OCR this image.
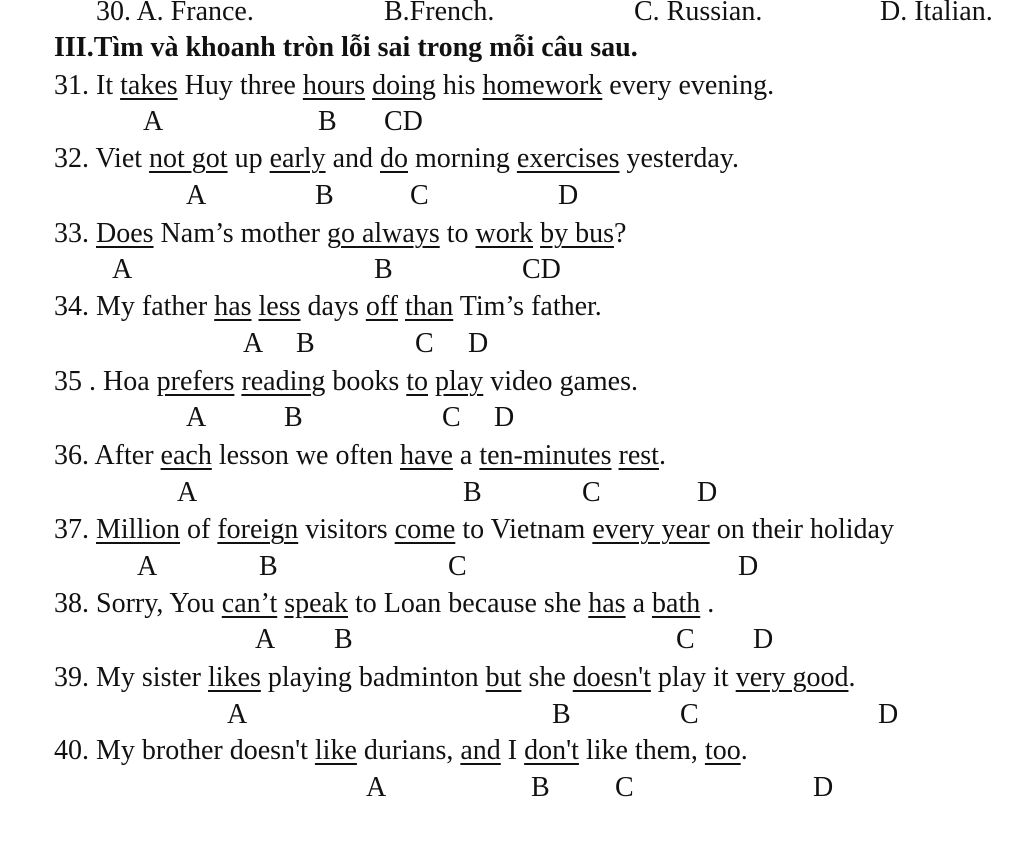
30. A. France.	B.French.	C. Russian.	D. Italian.
III.Tìm và khoanh tròn lỗi sai trong mỗi câu sau.
31. It takes Huy three hours doing his homework every evening.
A	B CD
32. Viet not got up early and do morning exercises yesterday.
A	B	C	D
33. Does Nam’s mother go always to work by bus?
A	B	CD
34. My father has less days off than Tim’s father.
A B	C D
35 . Hoa prefers reading books to play video games.
A	B	C D
36. After each lesson we often have a ten-minutes rest.
A	B	C	D
37. Million of foreign visitors come to Vietnam every year on their holiday
A	B	C	D
38. Sorry, You can’t speak to Loan because she has a bath .
A B	C D
39. My sister likes playing badminton but she doesn't play it very good.
A	B	C	D
40. My brother doesn't like durians, and I don't like them, too.
A	B C	D
